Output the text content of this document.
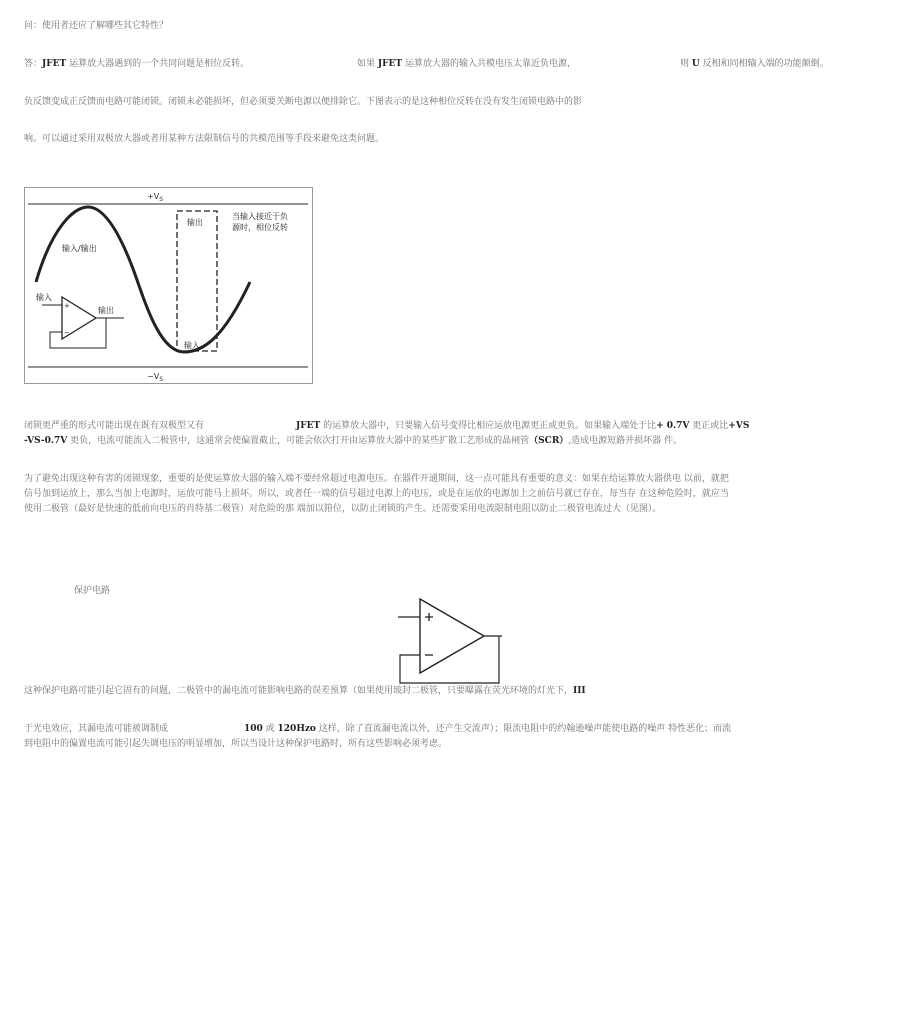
问：使用者还应了解哪些其它特性？
答：JFET 运算放大器遇到的一个共同问题是相位反转。	如果 JFET 运算放大器的输入共模电压太靠近负电源，	则 U 反相和同相输入端的功能颠倒。
负反馈变成正反馈而电路可能闭锁。闭锁未必能损坏，但必须要关断电源以便排除它。下图表示的是这种相位反转在没有发生闭锁电路中的影
响。可以通过采用双极放大器或者用某种方法限制信号的共模范围等手段来避免这类问题。
$+V_S$
$-V_S$
输出
当输入接近于负
源时，相位反转
输入/输出
输入
输出
输入
+
−
闭锁更严重的形式可能出现在既有双极型又有	JFET 的运算放大器中，只要输入信号变得比相应运放电源更正或更负。如果输入端处于比+ 0.7V 更正或比+VS
-VS-0.7V 更负，电流可能流入二极管中，这通常会使偏置截止，可能会依次打开由运算放大器中的某些扩散工艺形成的晶闸管（SCR）,造成电源短路并损坏器 件。
为了避免出现这种有害的闭锁现象，重要的是使运算放大器的输入端不要经常超过电源电压。在器件开通期间，这一点可能具有重要的意义：如果在给运算放大器供电 以前，就把
信号加到运放上，那么当加上电源时，运放可能马上损坏。所以，或者任一端的信号超过电源上的电压，或是在运放的电源加上之前信号就已存在，每当存 在这种危险时，就应当
使用二极管（最好是快速的低前向电压的肖特基二极管）对危险的那 端加以箝位，以防止闭锁的产生。还需要采用电流限制电阻以防止二极管电流过大（见图）。
保护电路
这种保护电路可能引起它固有的问题，二极管中的漏电流可能影响电路的误差预算（如果使用玻封二极管，只要曝露在荧光环境的灯光下，III
于光电效应，其漏电流可能被调制成	100 或 120Hzo 这样，除了直流漏电流以外，还产生交流声）；限流电阻中的约翰逊噪声能使电路的噪声 特性恶化；而流
到电阻中的偏置电流可能引起失调电压的明显增加，所以当设计这种保护电路时，所有这些影响必须考虑。
